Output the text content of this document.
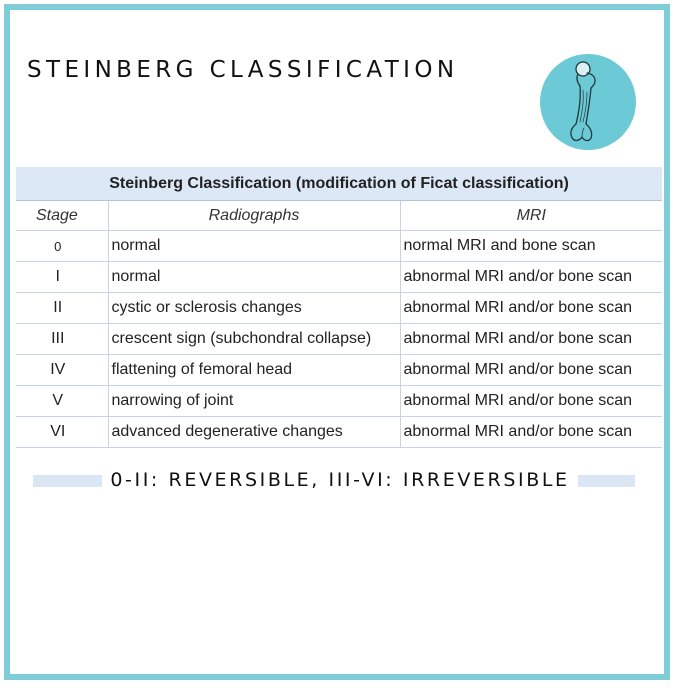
STEINBERG CLASSIFICATION
Steinberg Classification (modification of Ficat classification)		
Stage	Radiographs	MRI
0	normal	normal MRI and bone scan
I	normal	abnormal MRI and/or bone scan
II	cystic or sclerosis changes	abnormal MRI and/or bone scan
III	crescent sign (subchondral collapse)	abnormal MRI and/or bone scan
IV	flattening of femoral head	abnormal MRI and/or bone scan
V	narrowing of joint	abnormal MRI and/or bone scan
VI	advanced degenerative changes	abnormal MRI and/or bone scan
0-II: REVERSIBLE, III-VI: IRREVERSIBLE
